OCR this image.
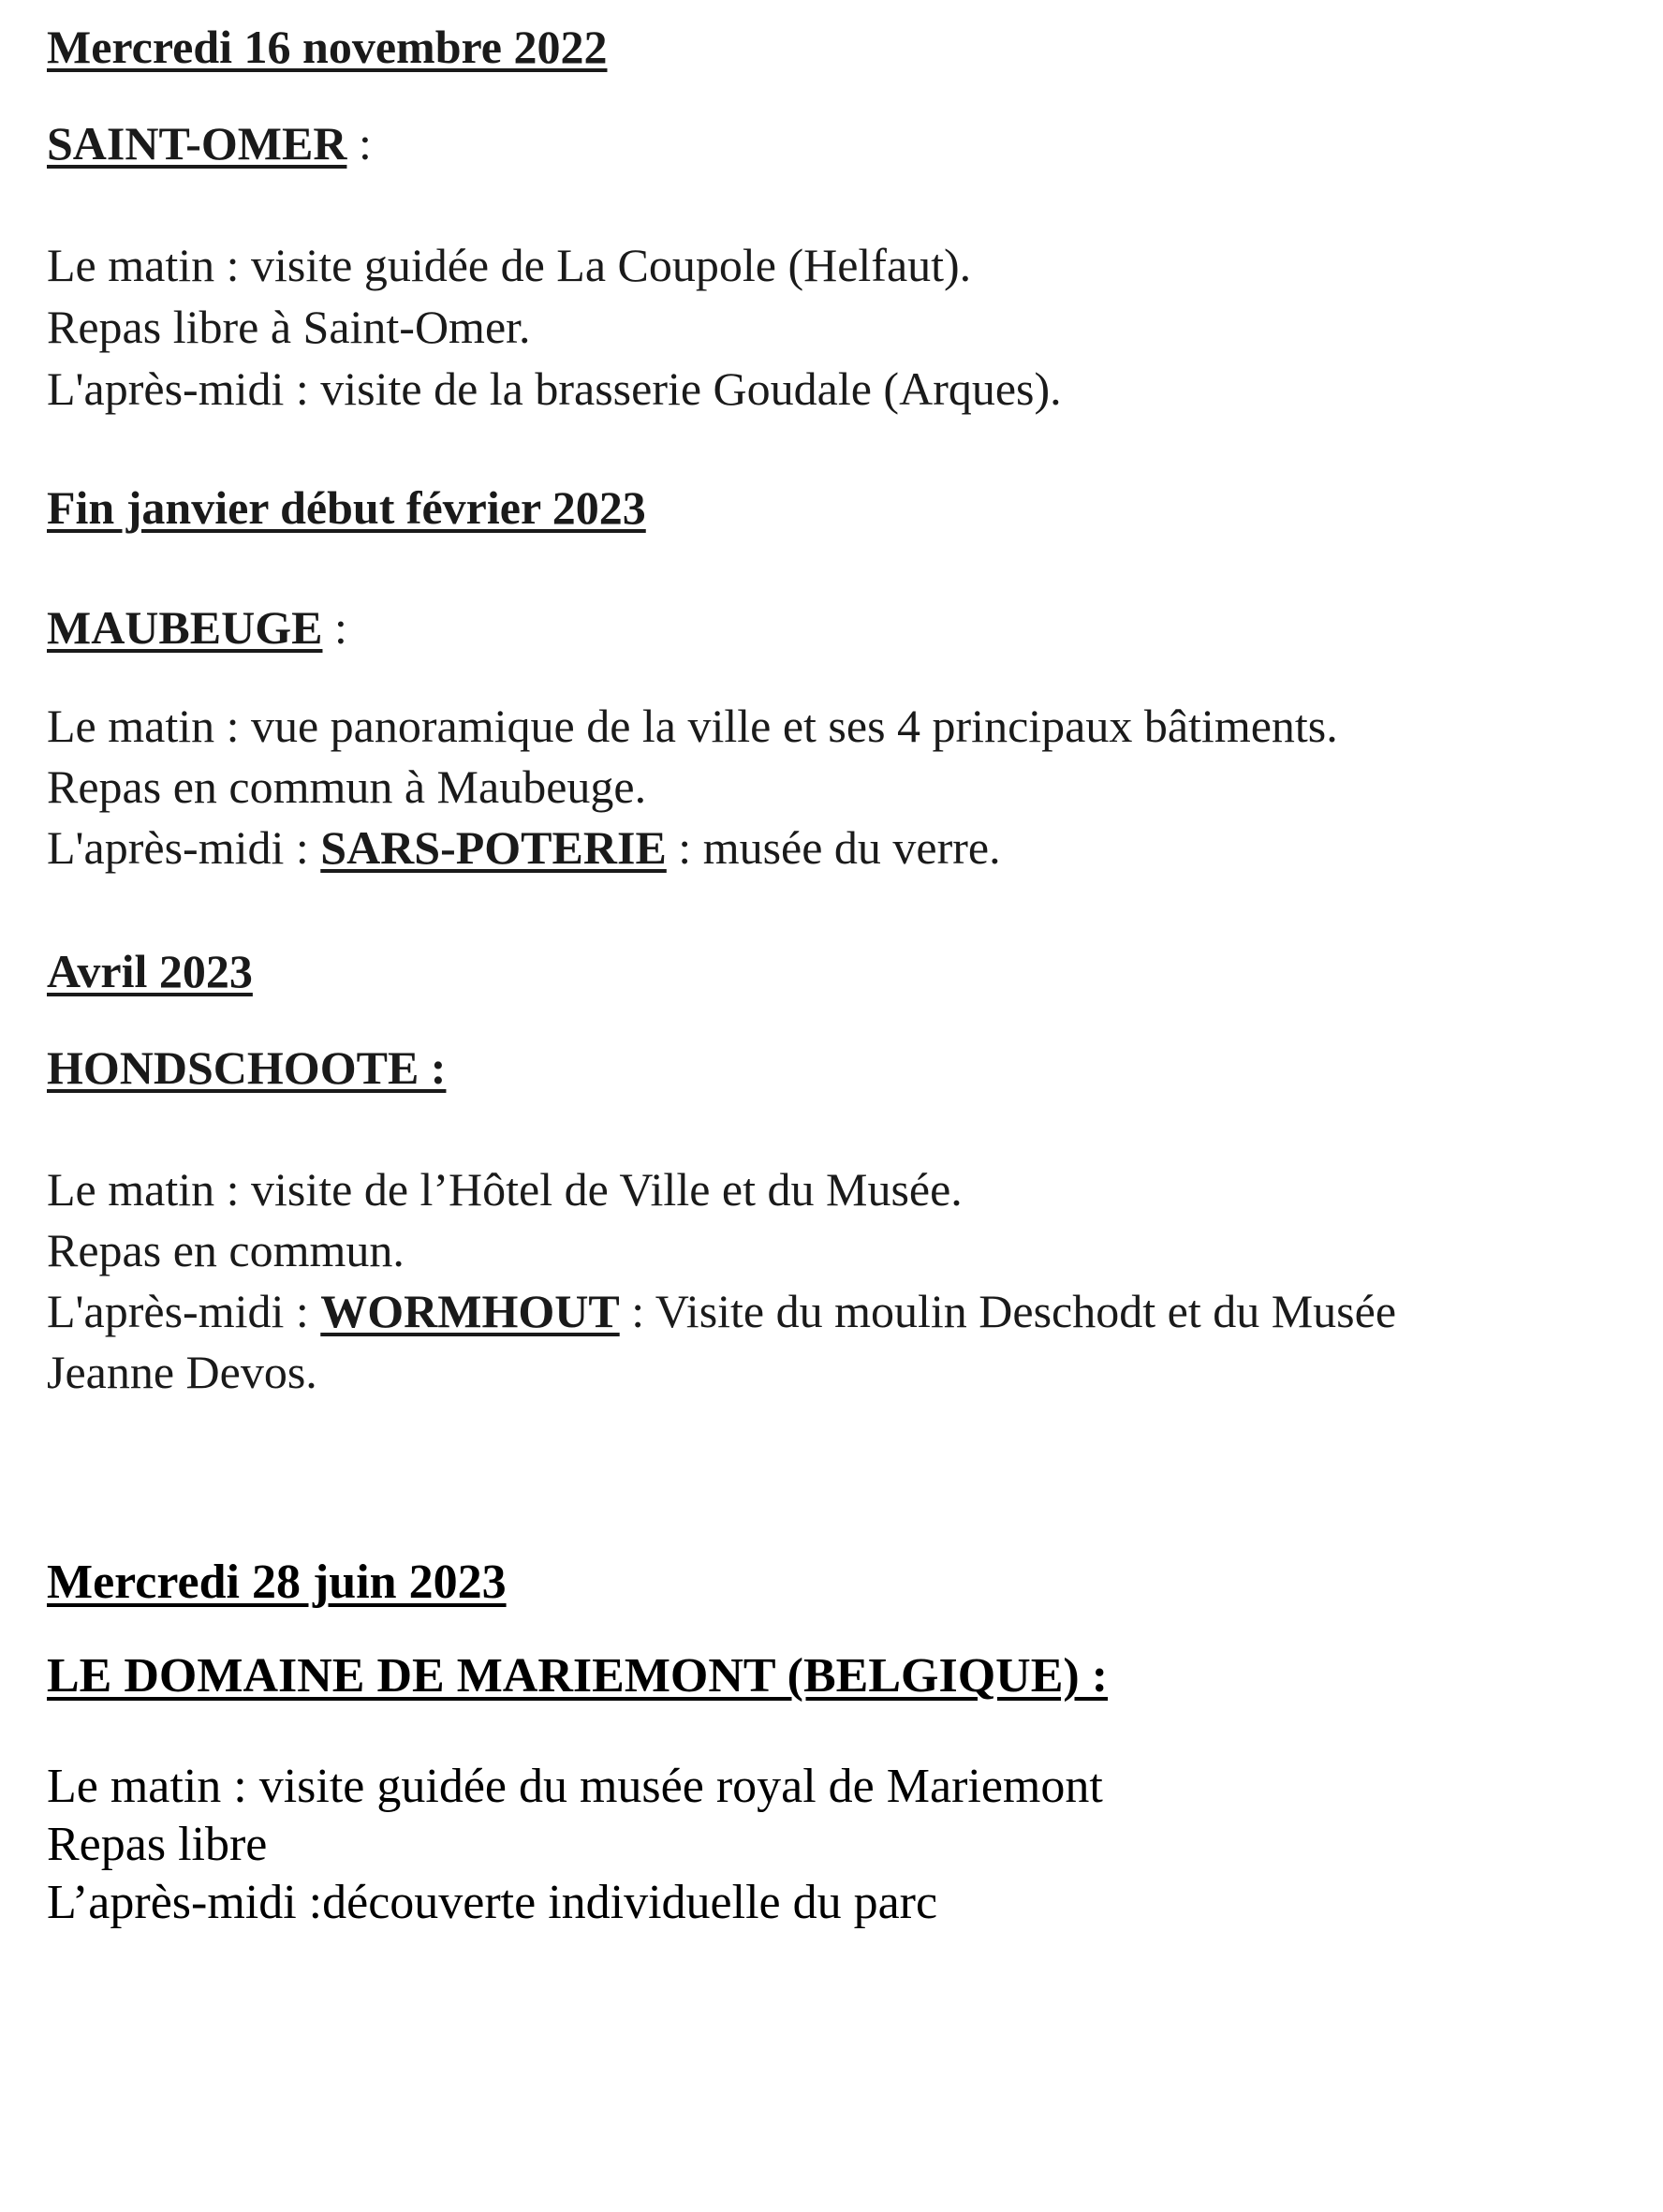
Mercredi 16 novembre 2022
SAINT-OMER :
Le matin : visite guidée de La Coupole (Helfaut).
Repas libre à Saint-Omer.
L'après-midi : visite de la brasserie Goudale (Arques).
Fin janvier début février 2023
MAUBEUGE :
Le matin : vue panoramique de la ville et ses 4 principaux bâtiments.
Repas en commun à Maubeuge.
L'après-midi : SARS-POTERIE : musée du verre.
Avril 2023
HONDSCHOOTE :
Le matin : visite de l’Hôtel de Ville et du Musée.
Repas en commun.
L'après-midi : WORMHOUT : Visite du moulin Deschodt et du Musée
Jeanne Devos.
Mercredi 28 juin 2023
LE DOMAINE DE MARIEMONT (BELGIQUE) :
Le matin : visite guidée du musée royal de Mariemont
Repas libre
L’après-midi :découverte individuelle du parc
